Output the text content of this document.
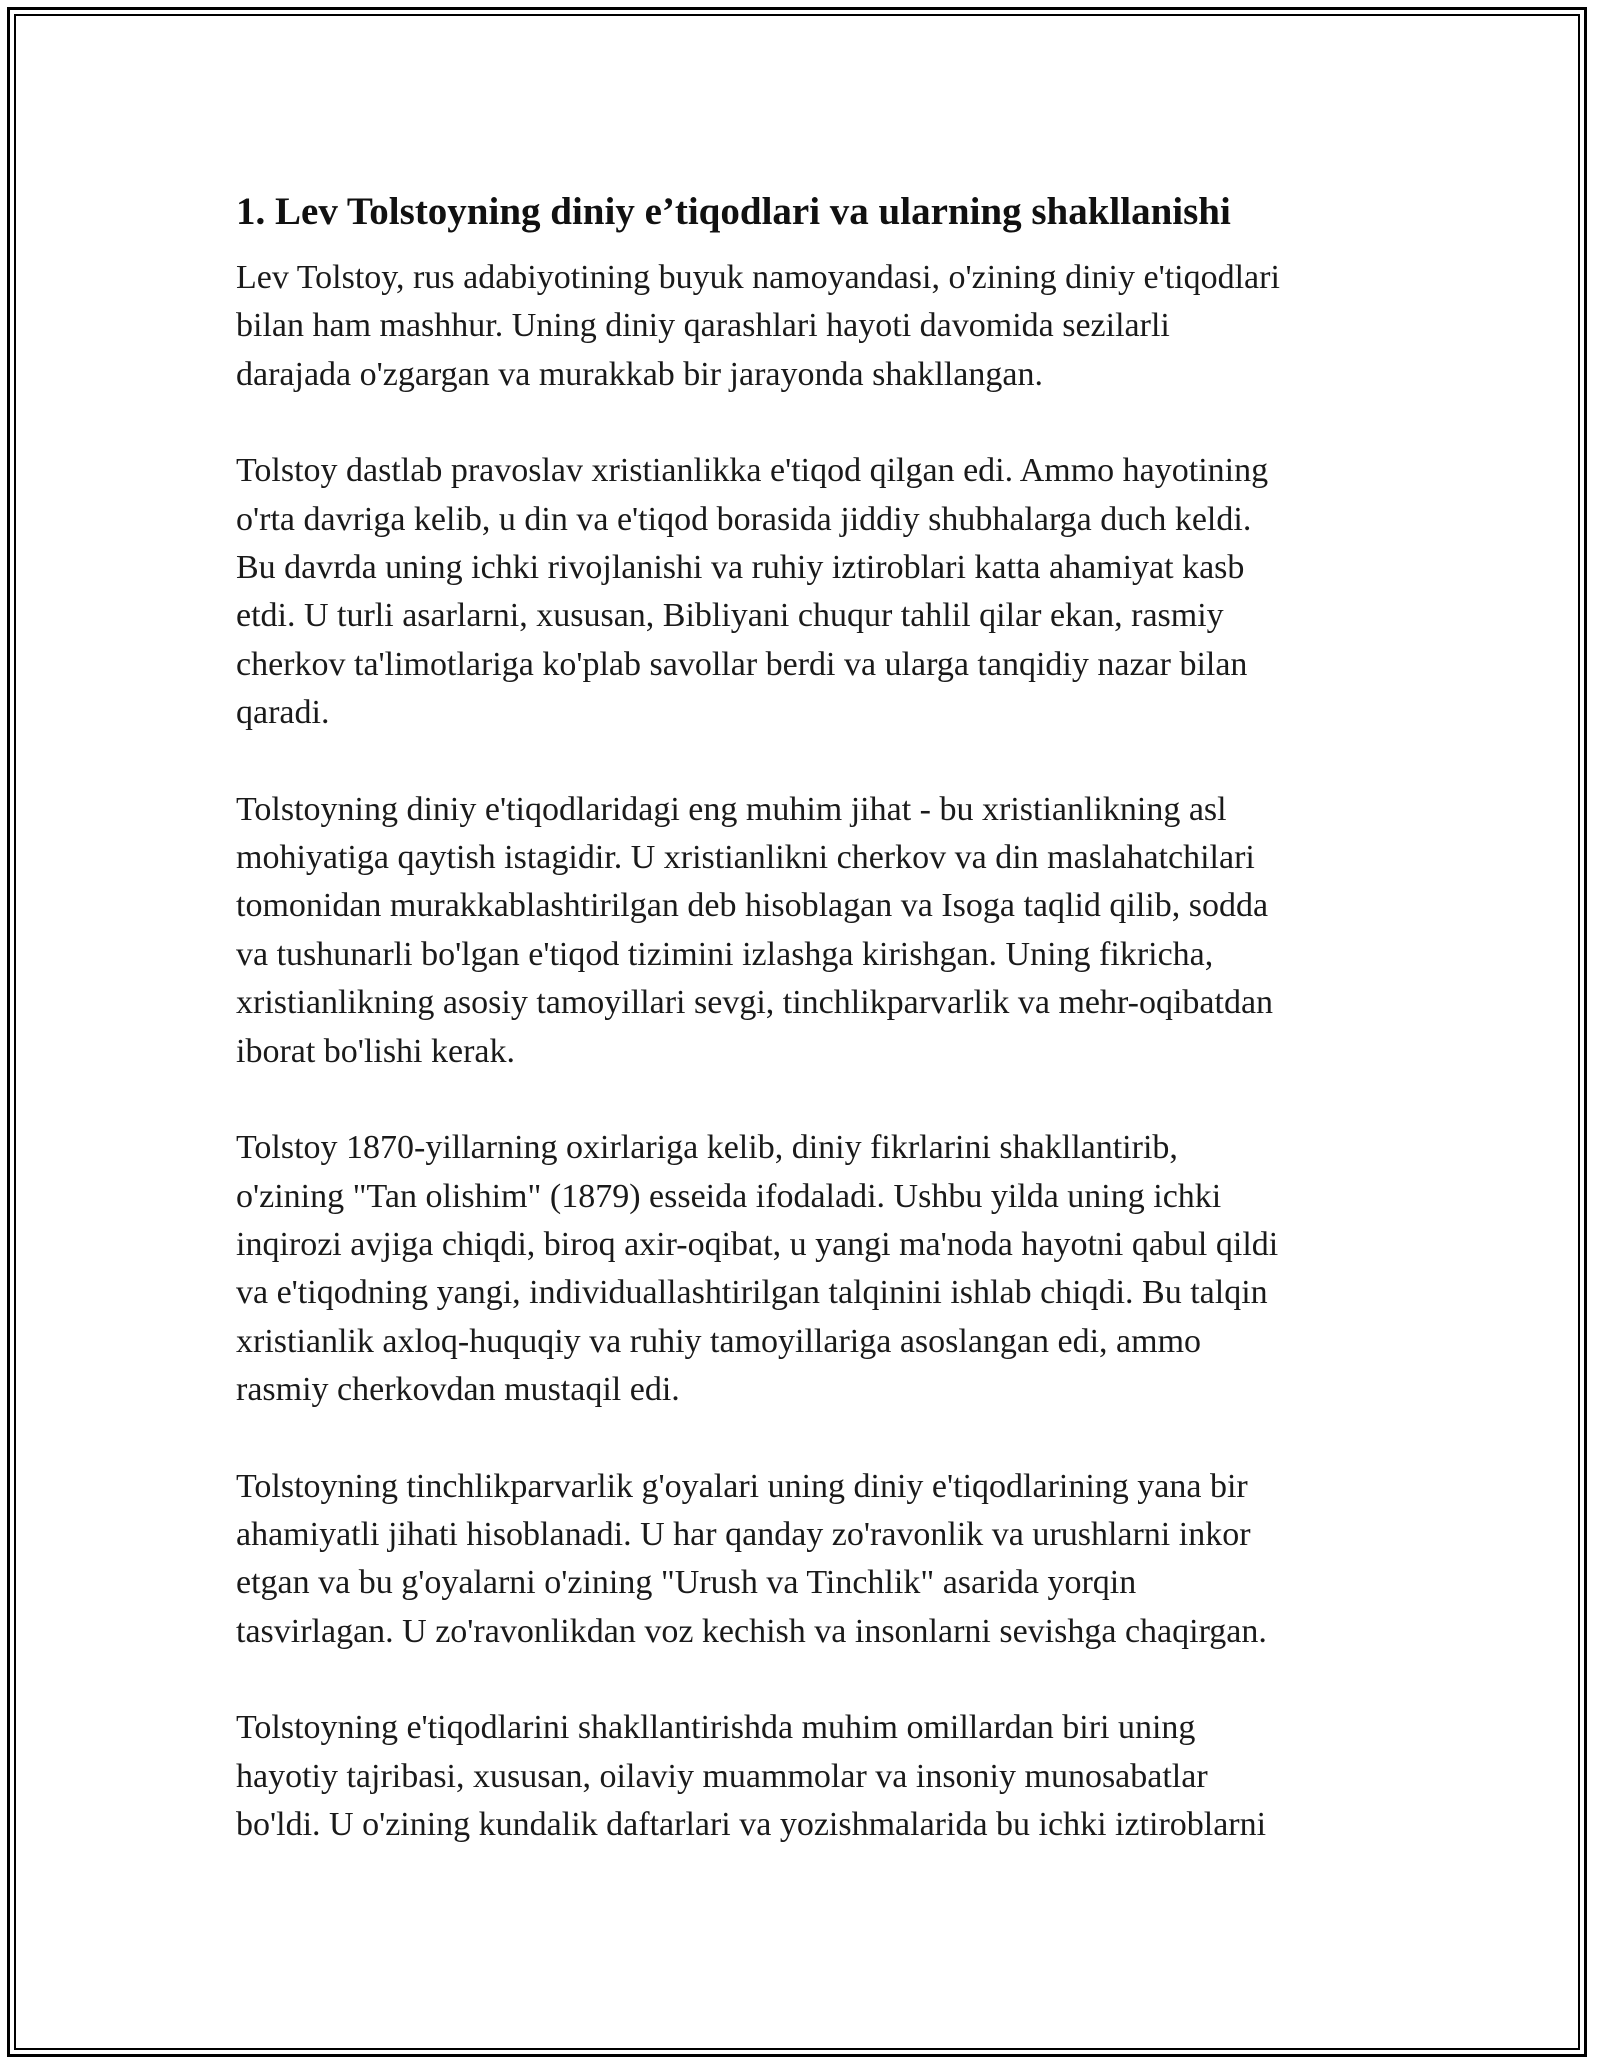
1. Lev Tolstoyning diniy e’tiqodlari va ularning shakllanishi
Lev Tolstoy, rus adabiyotining buyuk namoyandasi, o'zining diniy e'tiqodlari
bilan ham mashhur. Uning diniy qarashlari hayoti davomida sezilarli
darajada o'zgargan va murakkab bir jarayonda shakllangan.
Tolstoy dastlab pravoslav xristianlikka e'tiqod qilgan edi. Ammo hayotining
o'rta davriga kelib, u din va e'tiqod borasida jiddiy shubhalarga duch keldi.
Bu davrda uning ichki rivojlanishi va ruhiy iztiroblari katta ahamiyat kasb
etdi. U turli asarlarni, xususan, Bibliyani chuqur tahlil qilar ekan, rasmiy
cherkov ta'limotlariga ko'plab savollar berdi va ularga tanqidiy nazar bilan
qaradi.
Tolstoyning diniy e'tiqodlaridagi eng muhim jihat - bu xristianlikning asl
mohiyatiga qaytish istagidir. U xristianlikni cherkov va din maslahatchilari
tomonidan murakkablashtirilgan deb hisoblagan va Isoga taqlid qilib, sodda
va tushunarli bo'lgan e'tiqod tizimini izlashga kirishgan. Uning fikricha,
xristianlikning asosiy tamoyillari sevgi, tinchlikparvarlik va mehr-oqibatdan
iborat bo'lishi kerak.
Tolstoy 1870-yillarning oxirlariga kelib, diniy fikrlarini shakllantirib,
o'zining "Tan olishim" (1879) esseida ifodaladi. Ushbu yilda uning ichki
inqirozi avjiga chiqdi, biroq axir-oqibat, u yangi ma'noda hayotni qabul qildi
va e'tiqodning yangi, individuallashtirilgan talqinini ishlab chiqdi. Bu talqin
xristianlik axloq-huquqiy va ruhiy tamoyillariga asoslangan edi, ammo
rasmiy cherkovdan mustaqil edi.
Tolstoyning tinchlikparvarlik g'oyalari uning diniy e'tiqodlarining yana bir
ahamiyatli jihati hisoblanadi. U har qanday zo'ravonlik va urushlarni inkor
etgan va bu g'oyalarni o'zining "Urush va Tinchlik" asarida yorqin
tasvirlagan. U zo'ravonlikdan voz kechish va insonlarni sevishga chaqirgan.
Tolstoyning e'tiqodlarini shakllantirishda muhim omillardan biri uning
hayotiy tajribasi, xususan, oilaviy muammolar va insoniy munosabatlar
bo'ldi. U o'zining kundalik daftarlari va yozishmalarida bu ichki iztiroblarni
